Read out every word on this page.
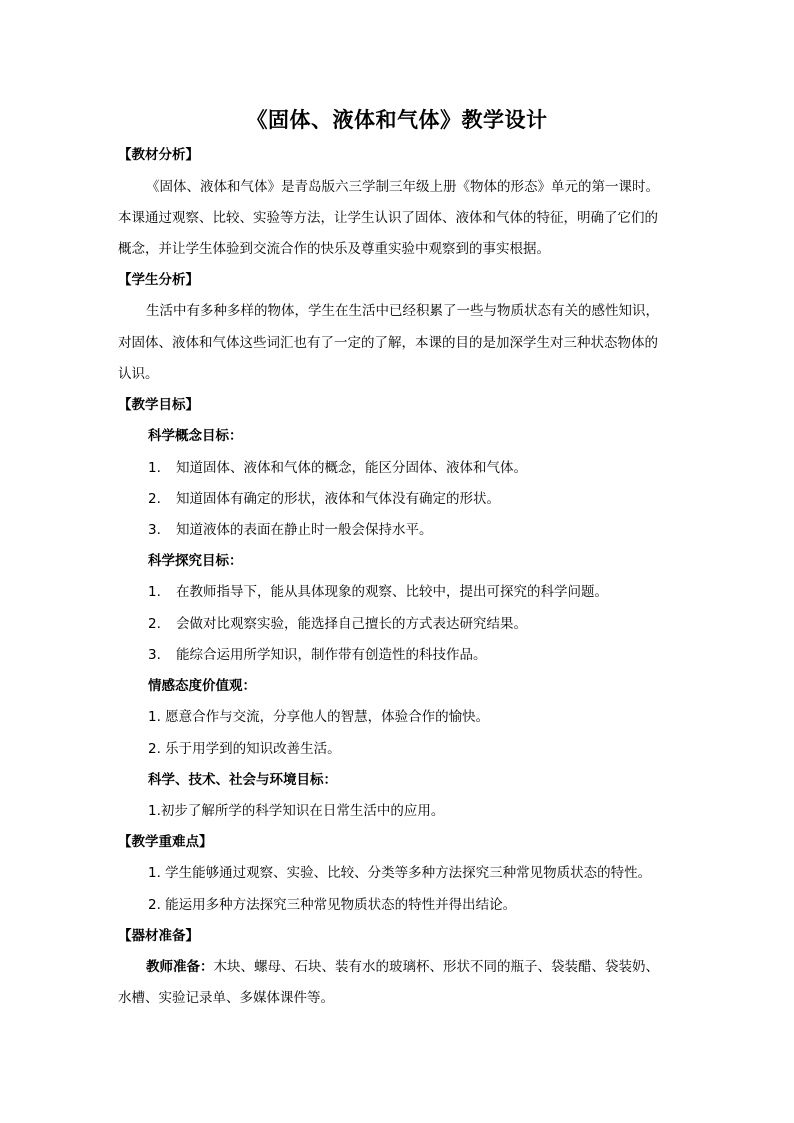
《固体、液体和气体》教学设计
【教材分析】
《固体、液体和气体》是青岛版六三学制三年级上册《物体的形态》单元的第一课时。
本课通过观察、比较、实验等方法，让学生认识了固体、液体和气体的特征，明确了它们的
概念，并让学生体验到交流合作的快乐及尊重实验中观察到的事实根据。
【学生分析】
生活中有多种多样的物体，学生在生活中已经积累了一些与物质状态有关的感性知识，
对固体、液体和气体这些词汇也有了一定的了解，本课的目的是加深学生对三种状态物体的
认识。
【教学目标】
科学概念目标：
1. 知道固体、液体和气体的概念，能区分固体、液体和气体。
2. 知道固体有确定的形状，液体和气体没有确定的形状。
3. 知道液体的表面在静止时一般会保持水平。
科学探究目标：
1. 在教师指导下，能从具体现象的观察、比较中，提出可探究的科学问题。
2. 会做对比观察实验，能选择自己擅长的方式表达研究结果。
3. 能综合运用所学知识，制作带有创造性的科技作品。
情感态度价值观：
1. 愿意合作与交流，分享他人的智慧，体验合作的愉快。
2. 乐于用学到的知识改善生活。
科学、技术、社会与环境目标：
1.初步了解所学的科学知识在日常生活中的应用。
【教学重难点】
1. 学生能够通过观察、实验、比较、分类等多种方法探究三种常见物质状态的特性。
2. 能运用多种方法探究三种常见物质状态的特性并得出结论。
【器材准备】
教师准备：木块、螺母、石块、装有水的玻璃杯、形状不同的瓶子、袋装醋、袋装奶、
水槽、实验记录单、多媒体课件等。
